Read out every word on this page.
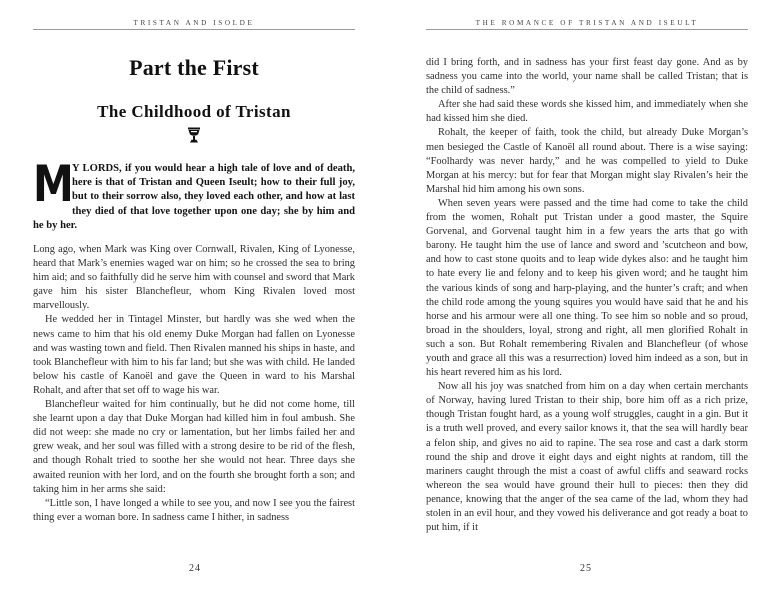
TRISTAN AND ISOLDE
Part the First
The Childhood of Tristan
M
Y LORDS, if you would hear a high tale of love and of death, here is that of Tristan and Queen Iseult; how to their full joy, but to their sorrow also, they loved each other, and how at last they died of that love together upon one day; she by him and he by her.

Long ago, when Mark was King over Cornwall, Rivalen, King of Lyonesse, heard that Mark’s enemies waged war on him; so he crossed the sea to bring him aid; and so faithfully did he serve him with counsel and sword that Mark gave him his sister Blanchefleur, whom King Rivalen loved most marvellously.

He wedded her in Tintagel Minster, but hardly was she wed when the news came to him that his old enemy Duke Morgan had fallen on Lyonesse and was wasting town and field. Then Rivalen manned his ships in haste, and took Blanchefleur with him to his far land; but she was with child. He landed below his castle of Kanoël and gave the Queen in ward to his Marshal Rohalt, and after that set off to wage his war.

Blanchefleur waited for him continually, but he did not come home, till she learnt upon a day that Duke Morgan had killed him in foul ambush. She did not weep: she made no cry or lamentation, but her limbs failed her and grew weak, and her soul was filled with a strong desire to be rid of the flesh, and though Rohalt tried to soothe her she would not hear. Three days she awaited reunion with her lord, and on the fourth she brought forth a son; and taking him in her arms she said:

“Little son, I have longed a while to see you, and now I see you the fairest thing ever a woman bore. In sadness came I hither, in sadness

24
THE ROMANCE OF TRISTAN AND ISEULT

did I bring forth, and in sadness has your first feast day gone. And as by sadness you came into the world, your name shall be called Tristan; that is the child of sadness.”

After she had said these words she kissed him, and immediately when she had kissed him she died.

Rohalt, the keeper of faith, took the child, but already Duke Morgan’s men besieged the Castle of Kanoël all round about. There is a wise saying: “Foolhardy was never hardy,” and he was compelled to yield to Duke Morgan at his mercy: but for fear that Morgan might slay Rivalen’s heir the Marshal hid him among his own sons.

When seven years were passed and the time had come to take the child from the women, Rohalt put Tristan under a good master, the Squire Gorvenal, and Gorvenal taught him in a few years the arts that go with barony. He taught him the use of lance and sword and ’scutcheon and bow, and how to cast stone quoits and to leap wide dykes also: and he taught him to hate every lie and felony and to keep his given word; and he taught him the various kinds of song and harp-playing, and the hunter’s craft; and when the child rode among the young squires you would have said that he and his horse and his armour were all one thing. To see him so noble and so proud, broad in the shoulders, loyal, strong and right, all men glorified Rohalt in such a son. But Rohalt remembering Rivalen and Blanchefleur (of whose youth and grace all this was a resurrection) loved him indeed as a son, but in his heart revered him as his lord.

Now all his joy was snatched from him on a day when certain merchants of Norway, having lured Tristan to their ship, bore him off as a rich prize, though Tristan fought hard, as a young wolf struggles, caught in a gin. But it is a truth well proved, and every sailor knows it, that the sea will hardly bear a felon ship, and gives no aid to rapine. The sea rose and cast a dark storm round the ship and drove it eight days and eight nights at random, till the mariners caught through the mist a coast of awful cliffs and seaward rocks whereon the sea would have ground their hull to pieces: then they did penance, knowing that the anger of the sea came of the lad, whom they had stolen in an evil hour, and they vowed his deliverance and got ready a boat to put him, if it

25
